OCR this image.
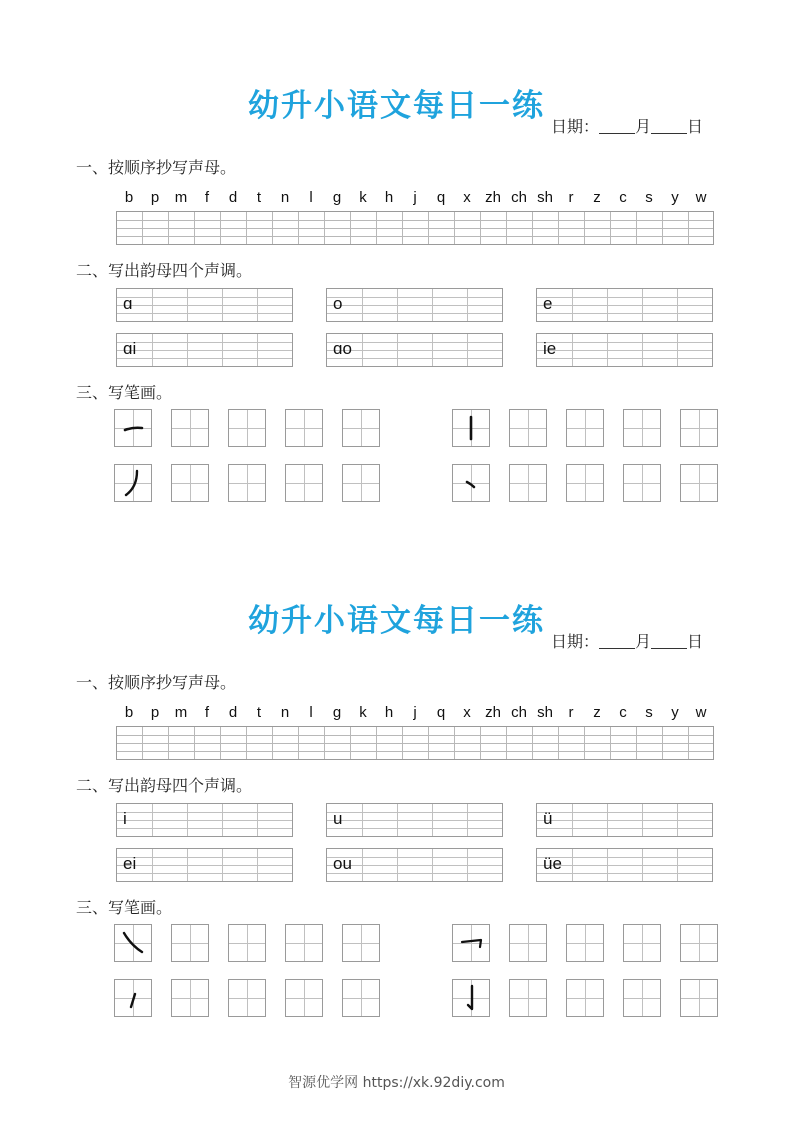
幼升小语文每日一练
日期： 月 日
一、按顺序抄写声母。
b	p	m	f	d	t	n	l	g	k	h	j	q	x zh ch sh	r	z	c	s	y	w
二、写出韵母四个声调。
ɑ	o	e
ɑi	ɑo	ie
三、写笔画。
幼升小语文每日一练
日期： 月 日
一、按顺序抄写声母。
b	p	m	f	d	t	n	l	g	k	h	j	q	x zh ch sh	r	z	c	s	y	w
二、写出韵母四个声调。
i	u	ü
ei	ou	üe
三、写笔画。
智源优学网 https://xk.92diy.com
